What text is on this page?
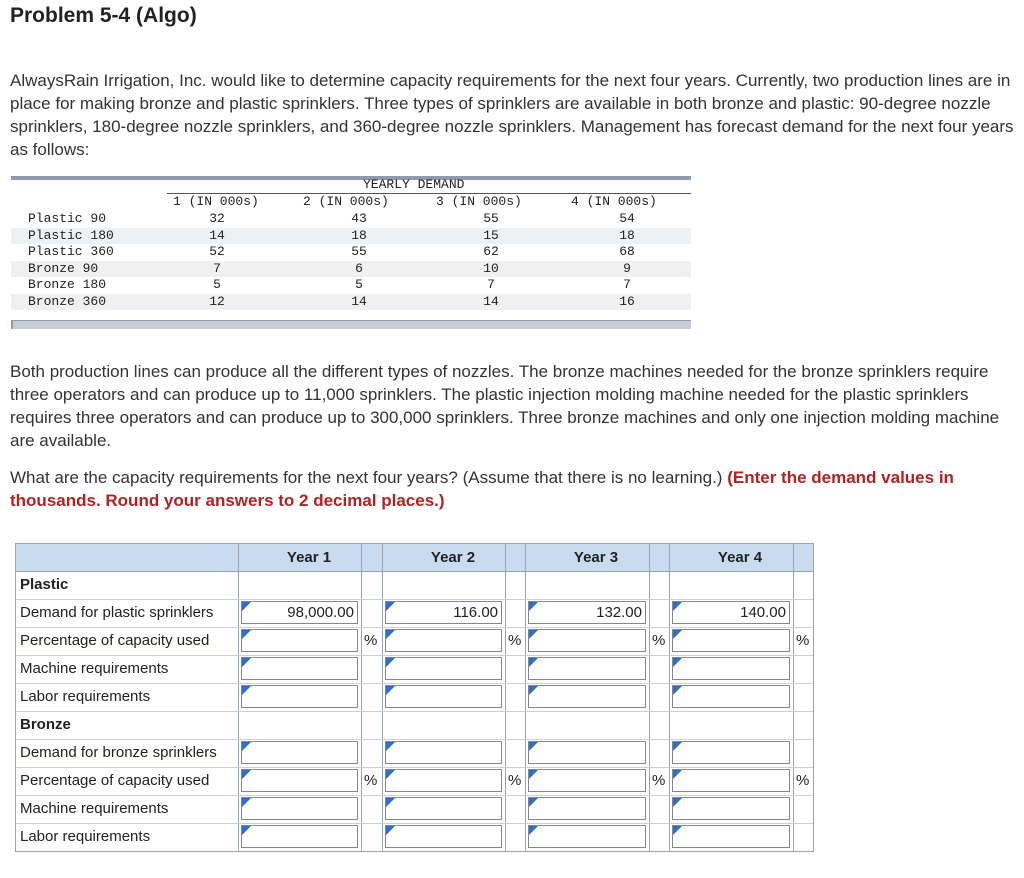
Problem 5-4 (Algo)

AlwaysRain Irrigation, Inc. would like to determine capacity requirements for the next four years. Currently, two production lines are in place for making bronze and plastic sprinklers. Three types of sprinklers are available in both bronze and plastic: 90-degree nozzle sprinklers, 180-degree nozzle sprinklers, and 360-degree nozzle sprinklers. Management has forecast demand for the next four years as follows:

YEARLY DEMAND
1 (IN 000s)	2 (IN 000s)	3 (IN 000s)	4 (IN 000s)
Plastic 90	32	43	55	54
Plastic 180	14	18	15	18
Plastic 360	52	55	62	68
Bronze 90	7	6	10	9
Bronze 180	5	5	7	7
Bronze 360	12	14	14	16

Both production lines can produce all the different types of nozzles. The bronze machines needed for the bronze sprinklers require three operators and can produce up to 11,000 sprinklers. The plastic injection molding machine needed for the plastic sprinklers requires three operators and can produce up to 300,000 sprinklers. Three bronze machines and only one injection molding machine are available.

What are the capacity requirements for the next four years? (Assume that there is no learning.) (Enter the demand values in thousands. Round your answers to 2 decimal places.)

Year 1	Year 2	Year 3	Year 4
Plastic
Demand for plastic sprinklers	98,000.00	116.00	132.00	140.00
Percentage of capacity used	%	%	%	%
Machine requirements
Labor requirements
Bronze
Demand for bronze sprinklers
Percentage of capacity used	%	%	%	%
Machine requirements
Labor requirements
